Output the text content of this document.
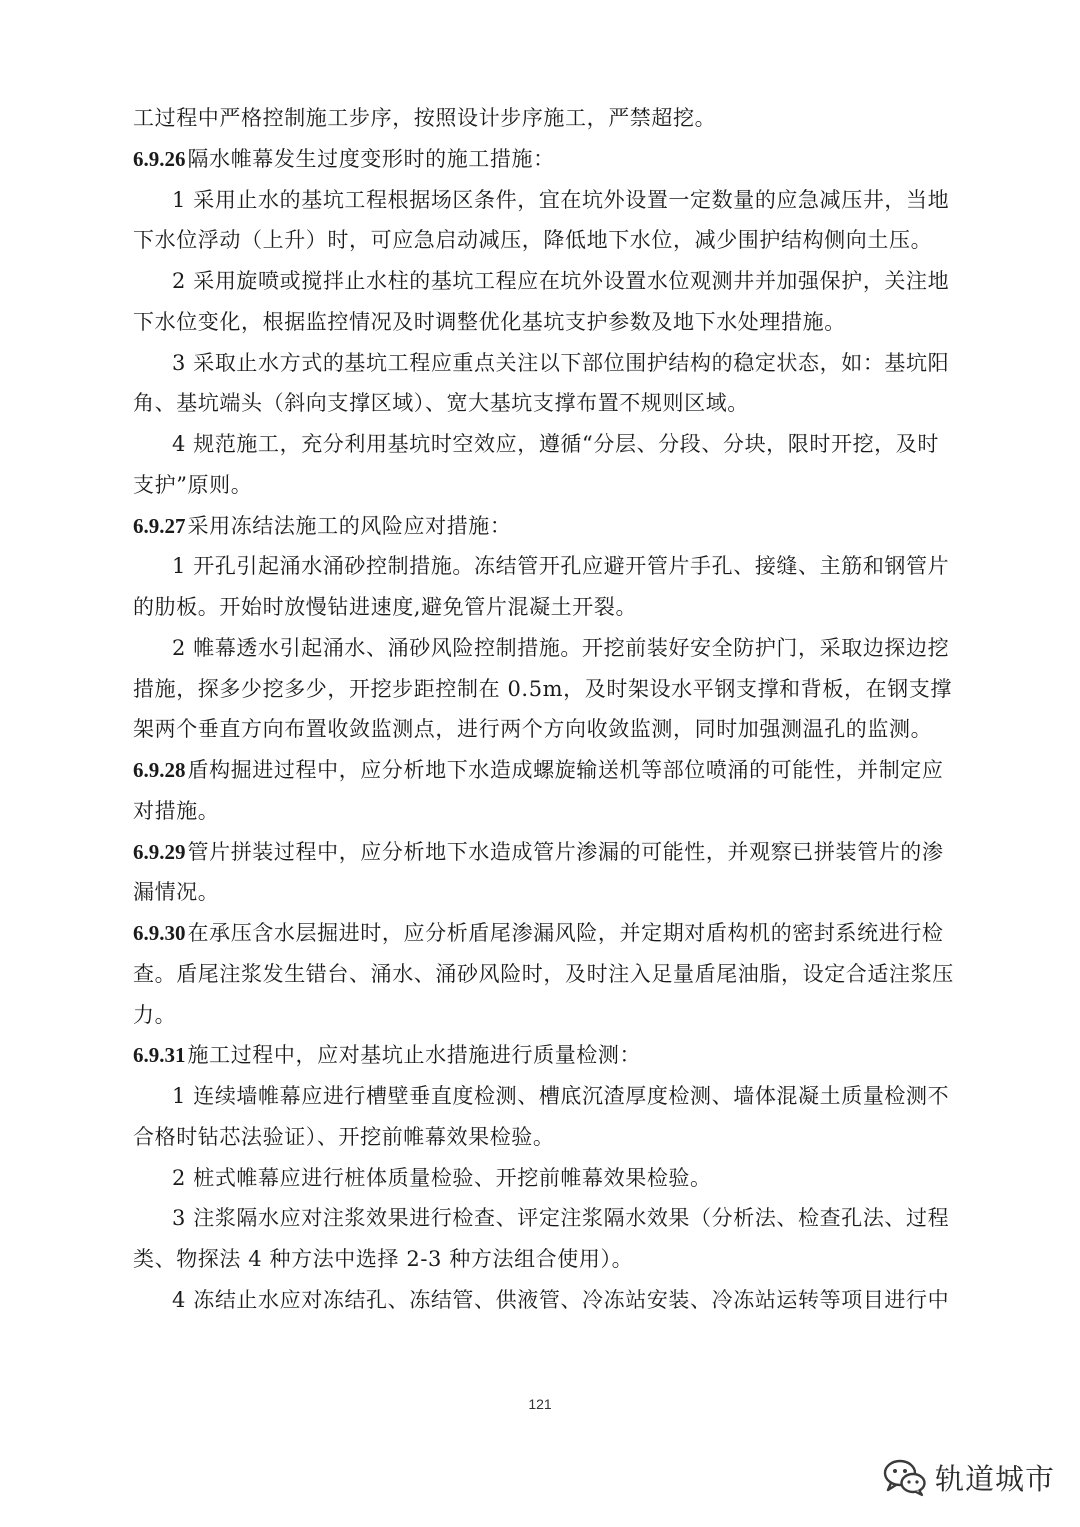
工过程中严格控制施工步序，按照设计步序施工，严禁超挖。
6.9.26隔水帷幕发生过度变形时的施工措施：
1 采用止水的基坑工程根据场区条件，宜在坑外设置一定数量的应急减压井，当地
下水位浮动（上升）时，可应急启动减压，降低地下水位，减少围护结构侧向土压。
2 采用旋喷或搅拌止水柱的基坑工程应在坑外设置水位观测井并加强保护，关注地
下水位变化，根据监控情况及时调整优化基坑支护参数及地下水处理措施。
3 采取止水方式的基坑工程应重点关注以下部位围护结构的稳定状态，如：基坑阳
角、基坑端头（斜向支撑区域）、宽大基坑支撑布置不规则区域。
4 规范施工，充分利用基坑时空效应，遵循“分层、分段、分块，限时开挖，及时
支护”原则。
6.9.27采用冻结法施工的风险应对措施：
1 开孔引起涌水涌砂控制措施。冻结管开孔应避开管片手孔、接缝、主筋和钢管片
的肋板。开始时放慢钻进速度,避免管片混凝土开裂。
2 帷幕透水引起涌水、涌砂风险控制措施。开挖前装好安全防护门，采取边探边挖
措施，探多少挖多少，开挖步距控制在 0.5m，及时架设水平钢支撑和背板，在钢支撑
架两个垂直方向布置收敛监测点，进行两个方向收敛监测，同时加强测温孔的监测。
6.9.28盾构掘进过程中，应分析地下水造成螺旋输送机等部位喷涌的可能性，并制定应
对措施。
6.9.29管片拼装过程中，应分析地下水造成管片渗漏的可能性，并观察已拼装管片的渗
漏情况。
6.9.30在承压含水层掘进时，应分析盾尾渗漏风险，并定期对盾构机的密封系统进行检
查。盾尾注浆发生错台、涌水、涌砂风险时，及时注入足量盾尾油脂，设定合适注浆压
力。
6.9.31施工过程中，应对基坑止水措施进行质量检测：
1 连续墙帷幕应进行槽壁垂直度检测、槽底沉渣厚度检测、墙体混凝土质量检测不
合格时钻芯法验证）、开挖前帷幕效果检验。
2 桩式帷幕应进行桩体质量检验、开挖前帷幕效果检验。
3 注浆隔水应对注浆效果进行检查、评定注浆隔水效果（分析法、检查孔法、过程
类、物探法 4 种方法中选择 2-3 种方法组合使用）。
4 冻结止水应对冻结孔、冻结管、供液管、冷冻站安装、冷冻站运转等项目进行中
121
轨道城市
